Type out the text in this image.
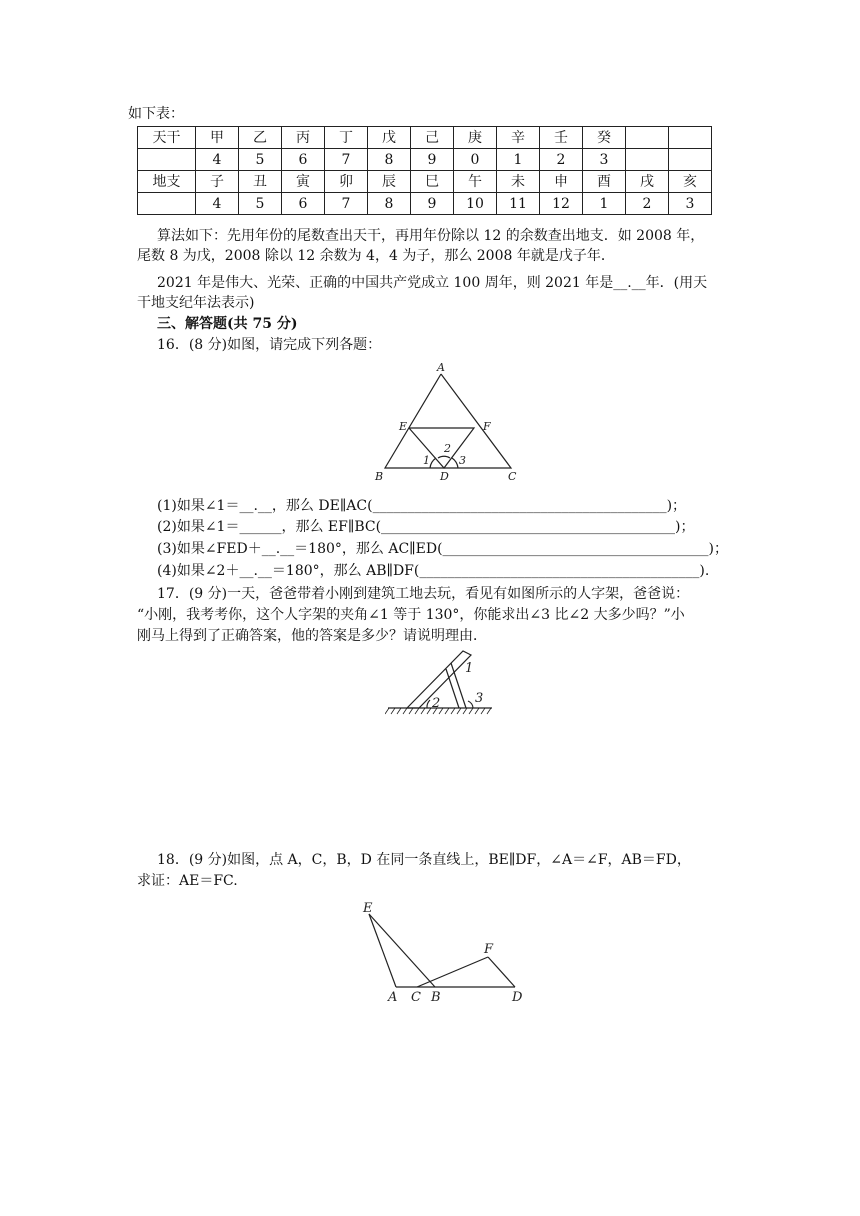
如下表：
天干	甲	乙	丙	丁	戊	己	庚	辛	壬	癸		
	4	5	6	7	8	9	0	1	2	3		
地支	子	丑	寅	卯	辰	巳	午	未	申	酉	戌	亥
	4	5	6	7	8	9	10	11	12	1	2	3
算法如下：先用年份的尾数查出天干，再用年份除以 12 的余数查出地支．如 2008 年，
尾数 8 为戊，2008 除以 12 余数为 4，4 为子，那么 2008 年就是戊子年．
2021 年是伟大、光荣、正确的中国共产党成立 100 周年，则 2021 年是__.__年．(用天
干地支纪年法表示)
三、解答题(共 75 分)
16．(8 分)如图，请完成下列各题：
A
B	C
D
E	F
1
2
3
(1)如果∠1＝__.__，那么 DE∥AC(__________________________________________)；
(2)如果∠1＝______，那么 EF∥BC(__________________________________________)；
(3)如果∠FED＋__.__＝180°，那么 AC∥ED(______________________________________)；
(4)如果∠2＋__.__＝180°，那么 AB∥DF(________________________________________).
17．(9 分)一天，爸爸带着小刚到建筑工地去玩，看见有如图所示的人字架，爸爸说：
“小刚，我考考你，这个人字架的夹角∠1 等于 130°，你能求出∠3 比∠2 大多少吗？”小
刚马上得到了正确答案，他的答案是多少？请说明理由．
1
2	3
18．(9 分)如图，点 A，C，B，D 在同一条直线上，BE∥DF，∠A＝∠F，AB＝FD，
求证：AE＝FC.
E
F
A C B	D
